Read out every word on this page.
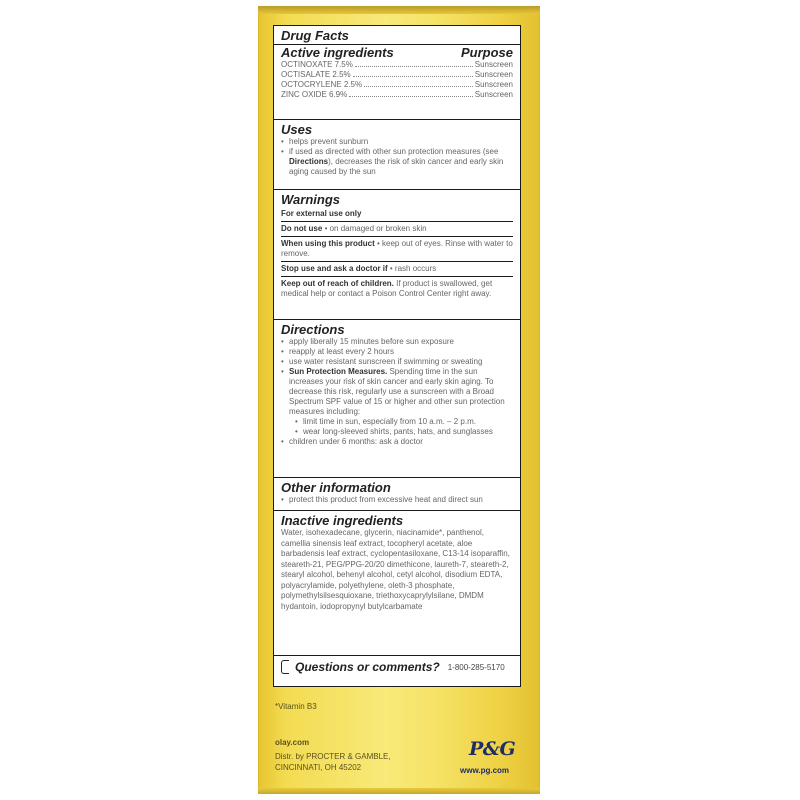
Drug Facts
Active ingredients	Purpose
OCTINOXATE 7.5%	Sunscreen
OCTISALATE 2.5%	Sunscreen
OCTOCRYLENE 2.5%	Sunscreen
ZINC OXIDE 6.9%	Sunscreen
Uses
• helps prevent sunburn
• if used as directed with other sun protection measures (see Directions), decreases the risk of skin cancer and early skin aging caused by the sun
Warnings
For external use only
Do not use • on damaged or broken skin
When using this product • keep out of eyes. Rinse with water to remove.
Stop use and ask a doctor if • rash occurs
Keep out of reach of children. If product is swallowed, get medical help or contact a Poison Control Center right away.
Directions
• apply liberally 15 minutes before sun exposure
• reapply at least every 2 hours
• use water resistant sunscreen if swimming or sweating
• Sun Protection Measures. Spending time in the sun increases your risk of skin cancer and early skin aging. To decrease this risk, regularly use a sunscreen with a Broad Spectrum SPF value of 15 or higher and other sun protection measures including:
• limit time in sun, especially from 10 a.m. – 2 p.m.
• wear long-sleeved shirts, pants, hats, and sunglasses
• children under 6 months: ask a doctor
Other information
• protect this product from excessive heat and direct sun
Inactive ingredients
Water, isohexadecane, glycerin, niacinamide*, panthenol, camellia sinensis leaf extract, tocopheryl acetate, aloe barbadensis leaf extract, cyclopentasiloxane, C13-14 isoparaffin, steareth-21, PEG/PPG-20/20 dimethicone, laureth-7, steareth-2, stearyl alcohol, behenyl alcohol, cetyl alcohol, disodium EDTA, polyacrylamide, polyethylene, oleth-3 phosphate, polymethylsilsesquioxane, triethoxycaprylylsilane, DMDM hydantoin, iodopropynyl butylcarbamate
Questions or comments? 1-800-285-5170
*Vitamin B3
olay.com
Distr. by PROCTER & GAMBLE,
CINCINNATI, OH 45202
P&G
www.pg.com
